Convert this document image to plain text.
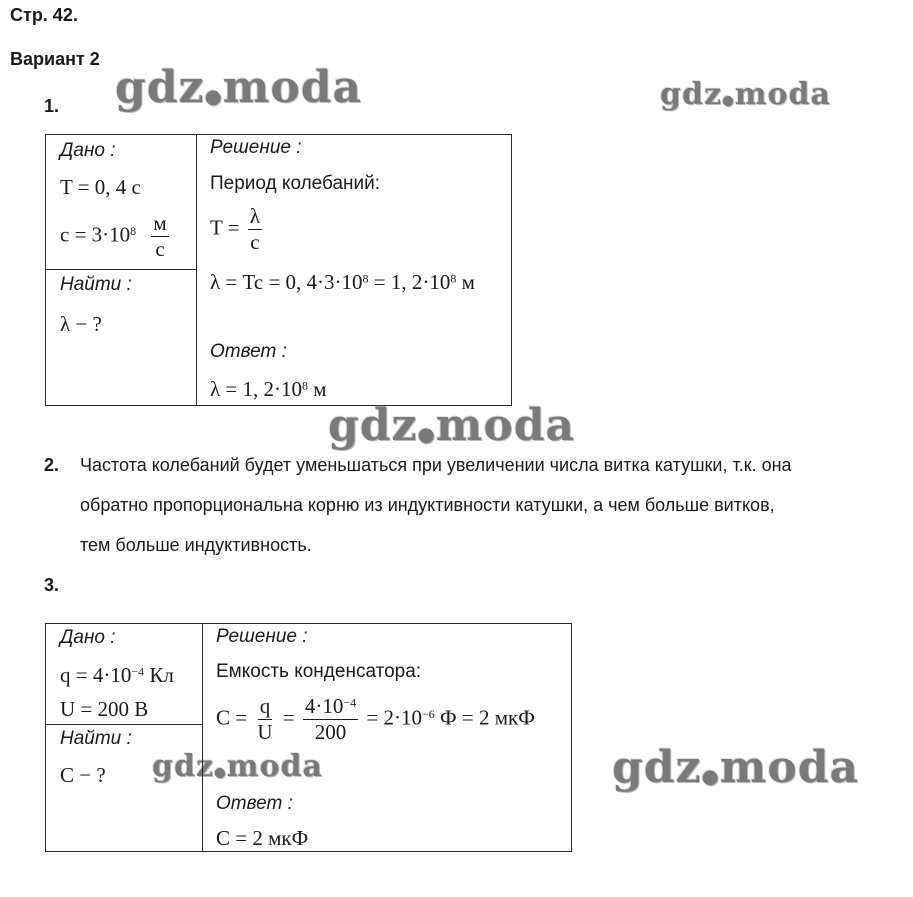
Стр. 42.
Вариант 2
gdz●moda	gdz●moda
gdz●moda
gdz●moda	gdz●moda
1.
Дано :
T = 0, 4 с
$c = 3\cdot 10^8 \frac{м}{с}$
Найти :
λ − ?
Решение :
Период колебаний:
$T = \frac{\lambda}{c}$
λ = Tc = 0, $4\cdot 3\cdot 10^8 = 1$, $2\cdot 10^8$ м
Ответ :
λ = 1, $2\cdot 10^8$ м
2. Частота колебаний будет уменьшаться при увеличении числа витка катушки, т.к. она
обратно пропорциональна корню из индуктивности катушки, а чем больше витков,
тем больше индуктивность.
3.
Дано :
$q = 4\cdot 10^{-4}$ Кл
U = 200 В
Найти :
C − ?
Решение :
Емкость конденсатора:
$C = \frac{q}{U} = \frac{4\cdot 10^{-4}}{200} = 2\cdot 10^{-6}$ Ф = 2 мкФ
Ответ :
C = 2 мкФ
